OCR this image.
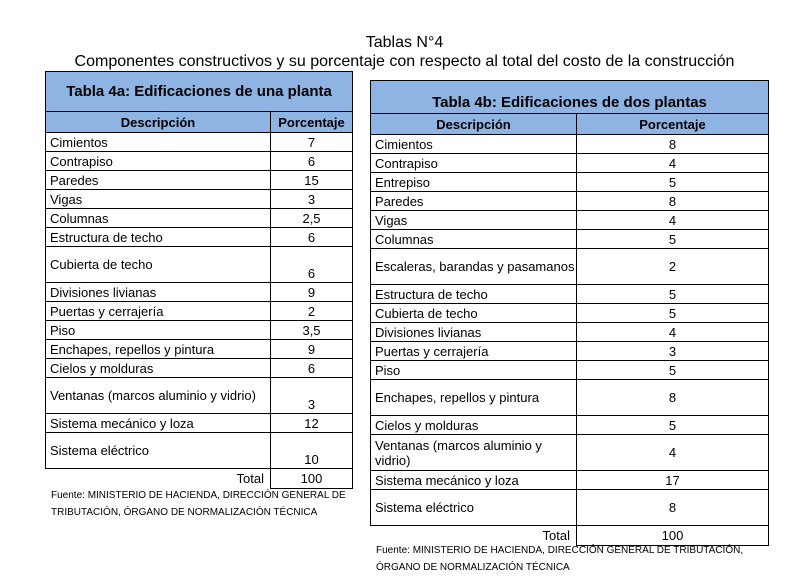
Tablas N°4
Componentes constructivos y su porcentaje con respecto al total del costo de la construcción
Tabla 4a: Edificaciones de una planta	
Descripción	Porcentaje
Cimientos	7
Contrapiso	6
Paredes	15
Vigas	3
Columnas	2,5
Estructura de techo	6
Cubierta de techo	6
Divisiones livianas	9
Puertas y cerrajería	2
Piso	3,5
Enchapes, repellos y pintura	9
Cielos y molduras	6
Ventanas (marcos aluminio y vidrio)	3
Sistema mecánico y loza	12
Sistema eléctrico	10
Total	100
Fuente: MINISTERIO DE HACIENDA, DIRECCIÓN GENERAL DE TRIBUTACIÓN, ÓRGANO DE NORMALIZACIÓN TÉCNICA
Tabla 4b: Edificaciones de dos plantas	
Descripción	Porcentaje
Cimientos	8
Contrapiso	4
Entrepiso	5
Paredes	8
Vigas	4
Columnas	5
Escaleras, barandas y pasamanos	2
Estructura de techo	5
Cubierta de techo	5
Divisiones livianas	4
Puertas y cerrajería	3
Piso	5
Enchapes, repellos y pintura	8
Cielos y molduras	5
Ventanas (marcos aluminio y vidrio)	4
Sistema mecánico y loza	17
Sistema eléctrico	8
Total	100
Fuente: MINISTERIO DE HACIENDA, DIRECCIÓN GENERAL DE TRIBUTACIÓN, ÓRGANO DE NORMALIZACIÓN TÉCNICA
